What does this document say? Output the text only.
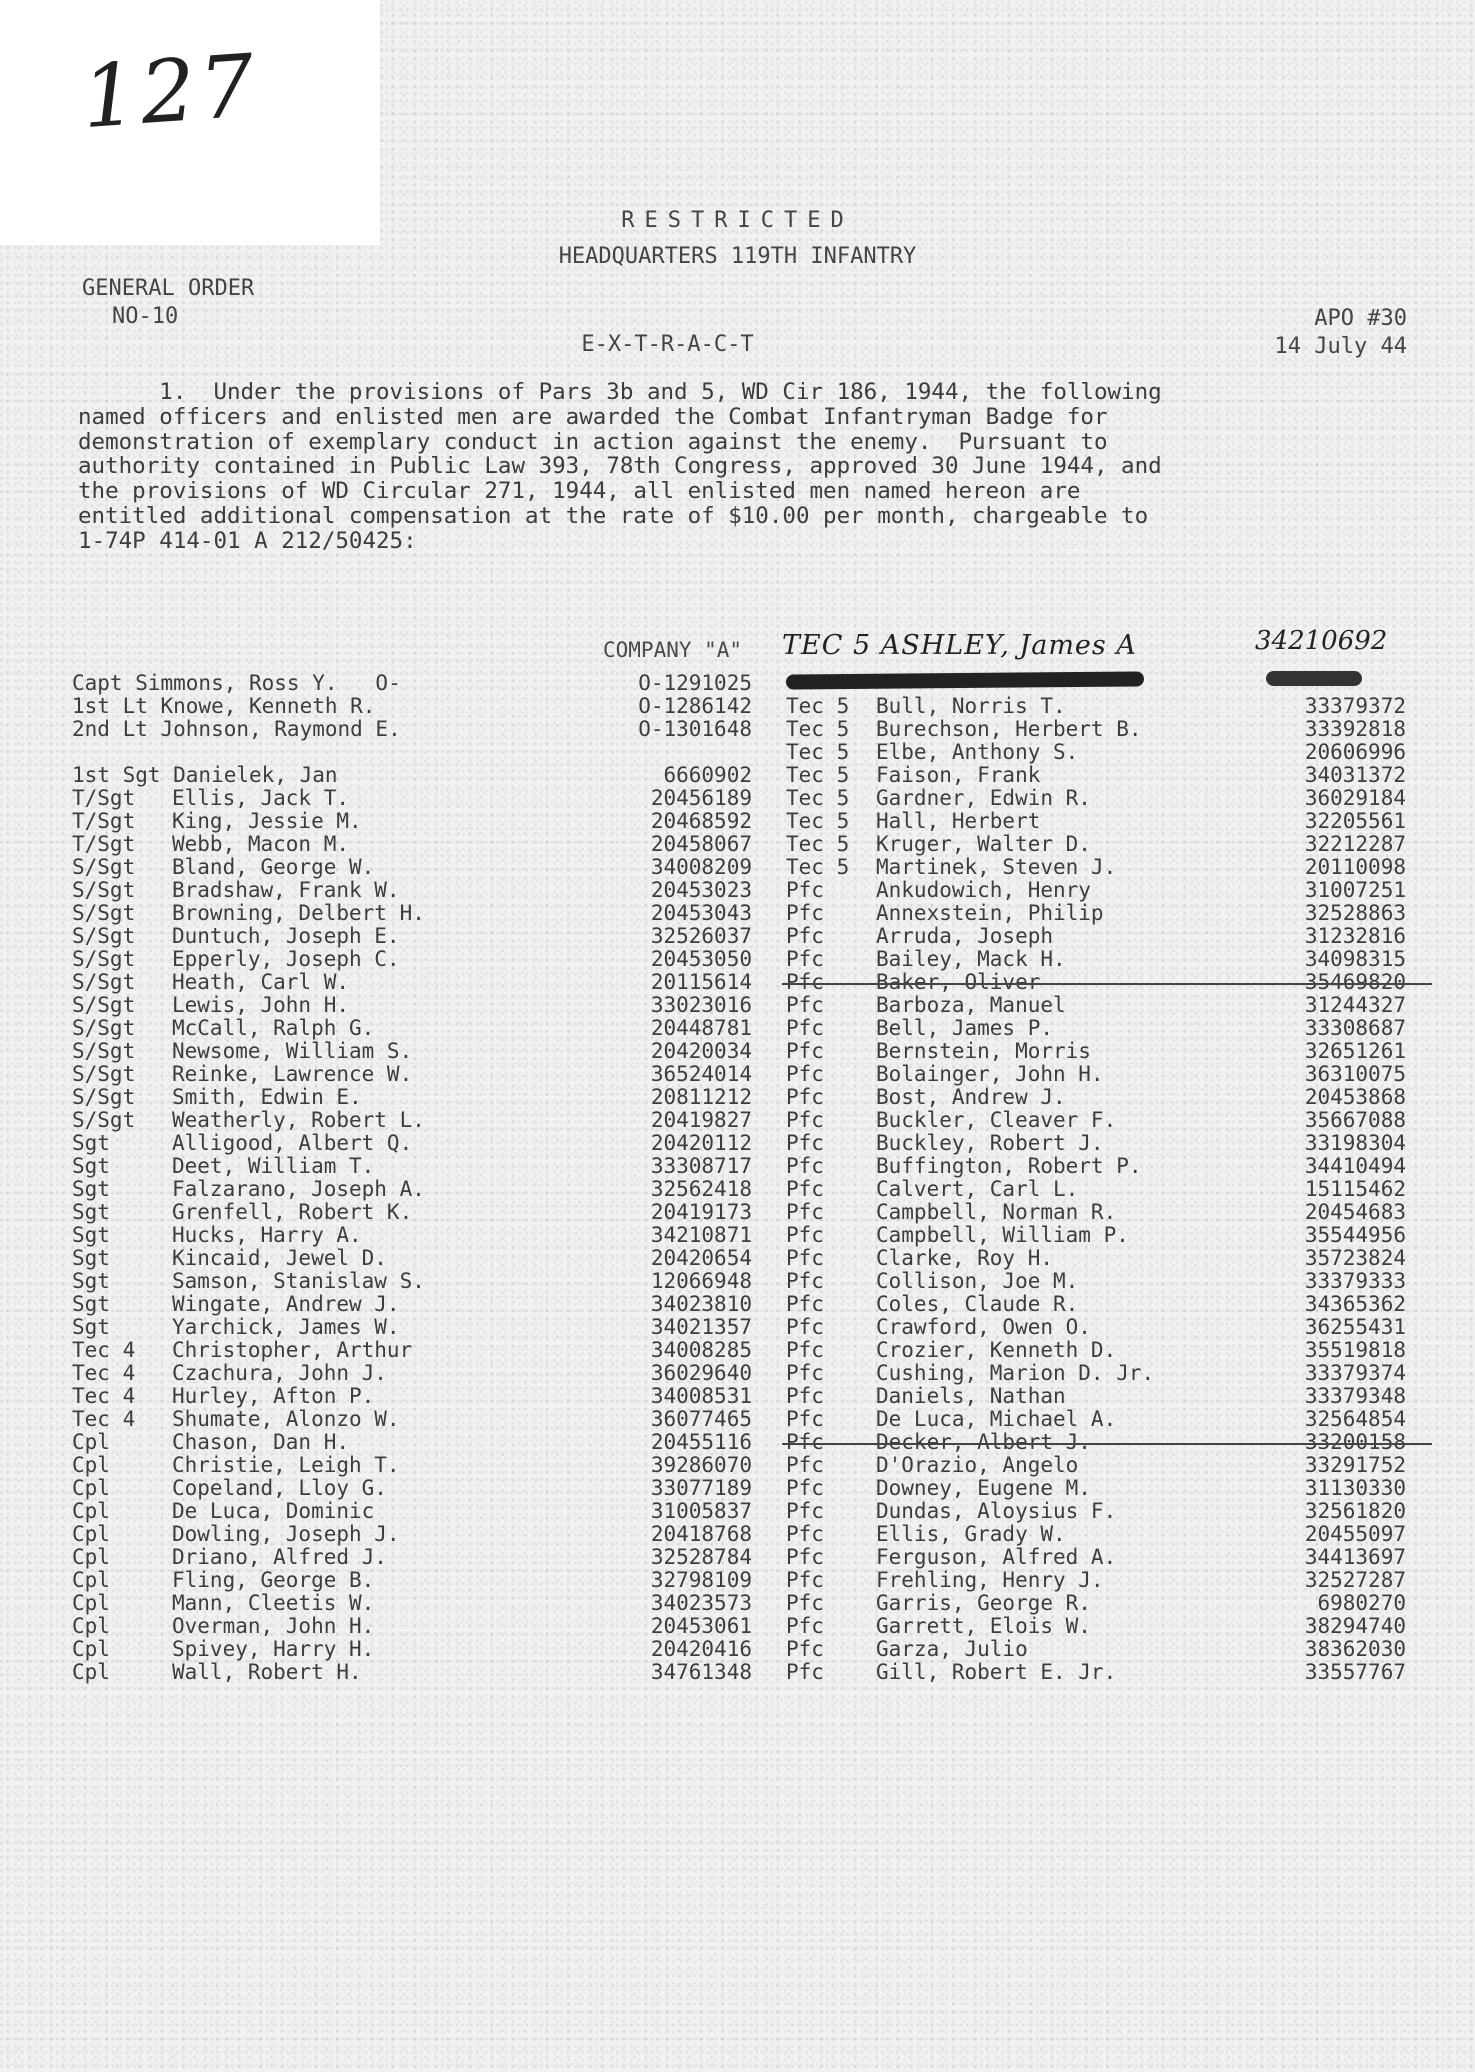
127
RESTRICTED
HEADQUARTERS 119TH INFANTRY
GENERAL ORDER
NO-10
E-X-T-R-A-C-T
APO #30
14 July 44
1.  Under the provisions of Pars 3b and 5, WD Cir 186, 1944, the following
named officers and enlisted men are awarded the Combat Infantryman Badge for
demonstration of exemplary conduct in action against the enemy.  Pursuant to
authority contained in Public Law 393, 78th Congress, approved 30 June 1944, and
the provisions of WD Circular 271, 1944, all enlisted men named hereon are
entitled additional compensation at the rate of $10.00 per month, chargeable to
1-74P 414-01 A 212/50425:
COMPANY "A" TEC 5 ASHLEY, James A	34210692
Capt Simmons, Ross Y.   O-	O-1291025
1st Lt Knowe, Kenneth R.	O-1286142
2nd Lt Johnson, Raymond E.	O-1301648
1st Sgt Danielek, Jan	6660902
T/Sgt Ellis, Jack T.	20456189
T/Sgt King, Jessie M.	20468592
T/Sgt Webb, Macon M.	20458067
S/Sgt Bland, George W.	34008209
S/Sgt Bradshaw, Frank W.	20453023
S/Sgt Browning, Delbert H.	20453043
S/Sgt Duntuch, Joseph E.	32526037
S/Sgt Epperly, Joseph C.	20453050
S/Sgt Heath, Carl W.	20115614
S/Sgt Lewis, John H.	33023016
S/Sgt McCall, Ralph G.	20448781
S/Sgt Newsome, William S.	20420034
S/Sgt Reinke, Lawrence W.	36524014
S/Sgt Smith, Edwin E.	20811212
S/Sgt Weatherly, Robert L.	20419827
Sgt	Alligood, Albert Q.	20420112
Sgt	Deet, William T.	33308717
Sgt	Falzarano, Joseph A.	32562418
Sgt	Grenfell, Robert K.	20419173
Sgt	Hucks, Harry A.	34210871
Sgt	Kincaid, Jewel D.	20420654
Sgt	Samson, Stanislaw S.	12066948
Sgt	Wingate, Andrew J.	34023810
Sgt	Yarchick, James W.	34021357
Tec 4 Christopher, Arthur	34008285
Tec 4 Czachura, John J.	36029640
Tec 4 Hurley, Afton P.	34008531
Tec 4 Shumate, Alonzo W.	36077465
Cpl	Chason, Dan H.	20455116
Cpl	Christie, Leigh T.	39286070
Cpl	Copeland, Lloy G.	33077189
Cpl	De Luca, Dominic	31005837
Cpl	Dowling, Joseph J.	20418768
Cpl	Driano, Alfred J.	32528784
Cpl	Fling, George B.	32798109
Cpl	Mann, Cleetis W.	34023573
Cpl	Overman, John H.	20453061
Cpl	Spivey, Harry H.	20420416
Cpl	Wall, Robert H.	34761348
Tec 5 Bull, Norris T.	33379372
Tec 5 Burechson, Herbert B.	33392818
Tec 5 Elbe, Anthony S.	20606996
Tec 5 Faison, Frank	34031372
Tec 5 Gardner, Edwin R.	36029184
Tec 5 Hall, Herbert	32205561
Tec 5 Kruger, Walter D.	32212287
Tec 5 Martinek, Steven J.	20110098
Pfc Ankudowich, Henry	31007251
Pfc Annexstein, Philip	32528863
Pfc Arruda, Joseph	31232816
Pfc Bailey, Mack H.	34098315
Pfc Baker, Oliver	35469820
Pfc Barboza, Manuel	31244327
Pfc Bell, James P.	33308687
Pfc Bernstein, Morris	32651261
Pfc Bolainger, John H.	36310075
Pfc Bost, Andrew J.	20453868
Pfc Buckler, Cleaver F.	35667088
Pfc Buckley, Robert J.	33198304
Pfc Buffington, Robert P.	34410494
Pfc Calvert, Carl L.	15115462
Pfc Campbell, Norman R.	20454683
Pfc Campbell, William P.	35544956
Pfc Clarke, Roy H.	35723824
Pfc Collison, Joe M.	33379333
Pfc Coles, Claude R.	34365362
Pfc Crawford, Owen O.	36255431
Pfc Crozier, Kenneth D.	35519818
Pfc Cushing, Marion D. Jr.	33379374
Pfc Daniels, Nathan	33379348
Pfc De Luca, Michael A.	32564854
Pfc Decker, Albert J.	33200158
Pfc D'Orazio, Angelo	33291752
Pfc Downey, Eugene M.	31130330
Pfc Dundas, Aloysius F.	32561820
Pfc Ellis, Grady W.	20455097
Pfc Ferguson, Alfred A.	34413697
Pfc Frehling, Henry J.	32527287
Pfc Garris, George R.	6980270
Pfc Garrett, Elois W.	38294740
Pfc Garza, Julio	38362030
Pfc Gill, Robert E. Jr.	33557767
